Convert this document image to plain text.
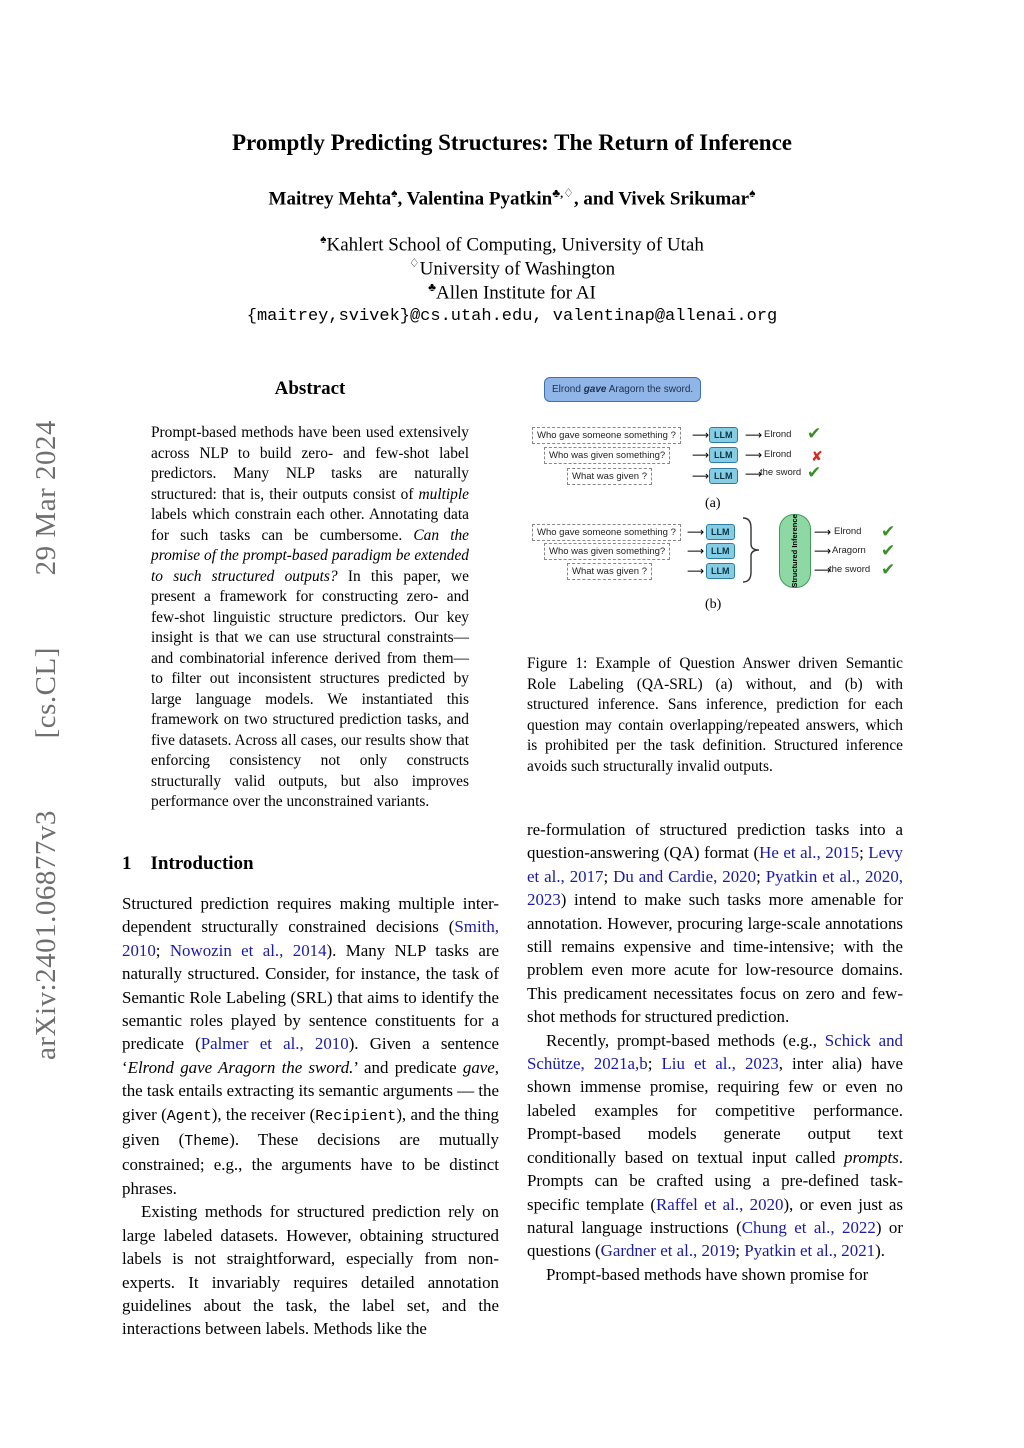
arXiv:2401.06877v3
[cs.CL]
29 Mar 2024
Promptly Predicting Structures: The Return of Inference
Maitrey Mehta♠, Valentina Pyatkin♣,♢, and Vivek Srikumar♠
♠Kahlert School of Computing, University of Utah
♢University of Washington
♣Allen Institute for AI
{maitrey,svivek}@cs.utah.edu, valentinap@allenai.org
Abstract
Prompt-based methods have been used extensively across NLP to build zero- and few-shot label predictors. Many NLP tasks are naturally structured: that is, their outputs consist of multiple labels which constrain each other. Annotating data for such tasks can be cumbersome. Can the promise of the prompt-based paradigm be extended to such structured outputs? In this paper, we present a framework for constructing zero- and few-shot linguistic structure predictors. Our key insight is that we can use structural constraints—and combinatorial inference derived from them—to filter out inconsistent structures predicted by large language models. We instantiated this framework on two structured prediction tasks, and five datasets. Across all cases, our results show that enforcing consistency not only constructs structurally valid outputs, but also improves performance over the unconstrained variants.
1 Introduction

Structured prediction requires making multiple inter-dependent structurally constrained decisions (Smith, 2010; Nowozin et al., 2014). Many NLP tasks are naturally structured. Consider, for instance, the task of Semantic Role Labeling (SRL) that aims to identify the semantic roles played by sentence constituents for a predicate (Palmer et al., 2010). Given a sentence ‘Elrond gave Aragorn the sword.’ and predicate gave, the task entails extracting its semantic arguments — the giver (Agent), the receiver (Recipient), and the thing given (Theme). These decisions are mutually constrained; e.g., the arguments have to be distinct phrases.

Existing methods for structured prediction rely on large labeled datasets. However, obtaining structured labels is not straightforward, especially from non-experts. It invariably requires detailed annotation guidelines about the task, the label set, and the interactions between labels. Methods like the

Elrond gave Aragorn the sword.
Who gave someone something ?
Who was given something?
What was given ?
⟶
⟶
⟶
LLM
LLM
LLM
⟶
⟶
⟶
Elrond
Elrond
the sword
✔
✘
✔
(a)
Who gave someone something ?
Who was given something?
What was given ?
⟶
⟶
⟶
LLM
LLM
LLM	Structured Inference ⟶
⟶
⟶
Elrond
Aragorn
the sword
✔
✔
✔
(b)
Figure 1: Example of Question Answer driven Semantic Role Labeling (QA-SRL) (a) without, and (b) with structured inference. Sans inference, prediction for each question may contain overlapping/repeated answers, which is prohibited per the task definition. Structured inference avoids such structurally invalid outputs.

re-formulation of structured prediction tasks into a question-answering (QA) format (He et al., 2015; Levy et al., 2017; Du and Cardie, 2020; Pyatkin et al., 2020, 2023) intend to make such tasks more amenable for annotation. However, procuring large-scale annotations still remains expensive and time-intensive; with the problem even more acute for low-resource domains. This predicament necessitates focus on zero and few-shot methods for structured prediction.

Recently, prompt-based methods (e.g., Schick and Schütze, 2021a,b; Liu et al., 2023, inter alia) have shown immense promise, requiring few or even no labeled examples for competitive performance. Prompt-based models generate output text conditionally based on textual input called prompts. Prompts can be crafted using a pre-defined task-specific template (Raffel et al., 2020), or even just as natural language instructions (Chung et al., 2022) or questions (Gardner et al., 2019; Pyatkin et al., 2021).

Prompt-based methods have shown promise for
